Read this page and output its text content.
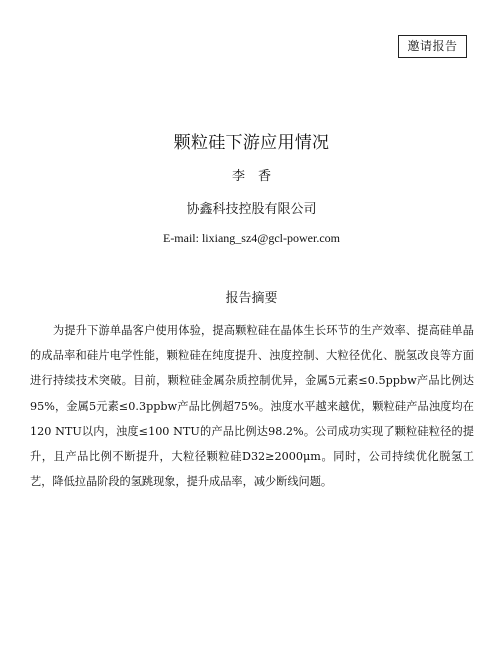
邀请报告
颗粒硅下游应用情况
李　香
协鑫科技控股有限公司
E-mail: lixiang_sz4@gcl-power.com
报告摘要

为提升下游单晶客户使用体验，提高颗粒硅在晶体生长环节的生产效率、提高硅单晶的成品率和硅片电学性能，颗粒硅在纯度提升、浊度控制、大粒径优化、脱氢改良等方面进行持续技术突破。目前，颗粒硅金属杂质控制优异，金属5元素≤0.5ppbw产品比例达95%，金属5元素≤0.3ppbw产品比例超75%。浊度水平越来越优，颗粒硅产品浊度均在120 NTU以内，浊度≤100 NTU的产品比例达98.2%。公司成功实现了颗粒硅粒径的提升，且产品比例不断提升，大粒径颗粒硅D32≥2000μm。同时，公司持续优化脱氢工艺，降低拉晶阶段的氢跳现象，提升成品率，减少断线问题。
